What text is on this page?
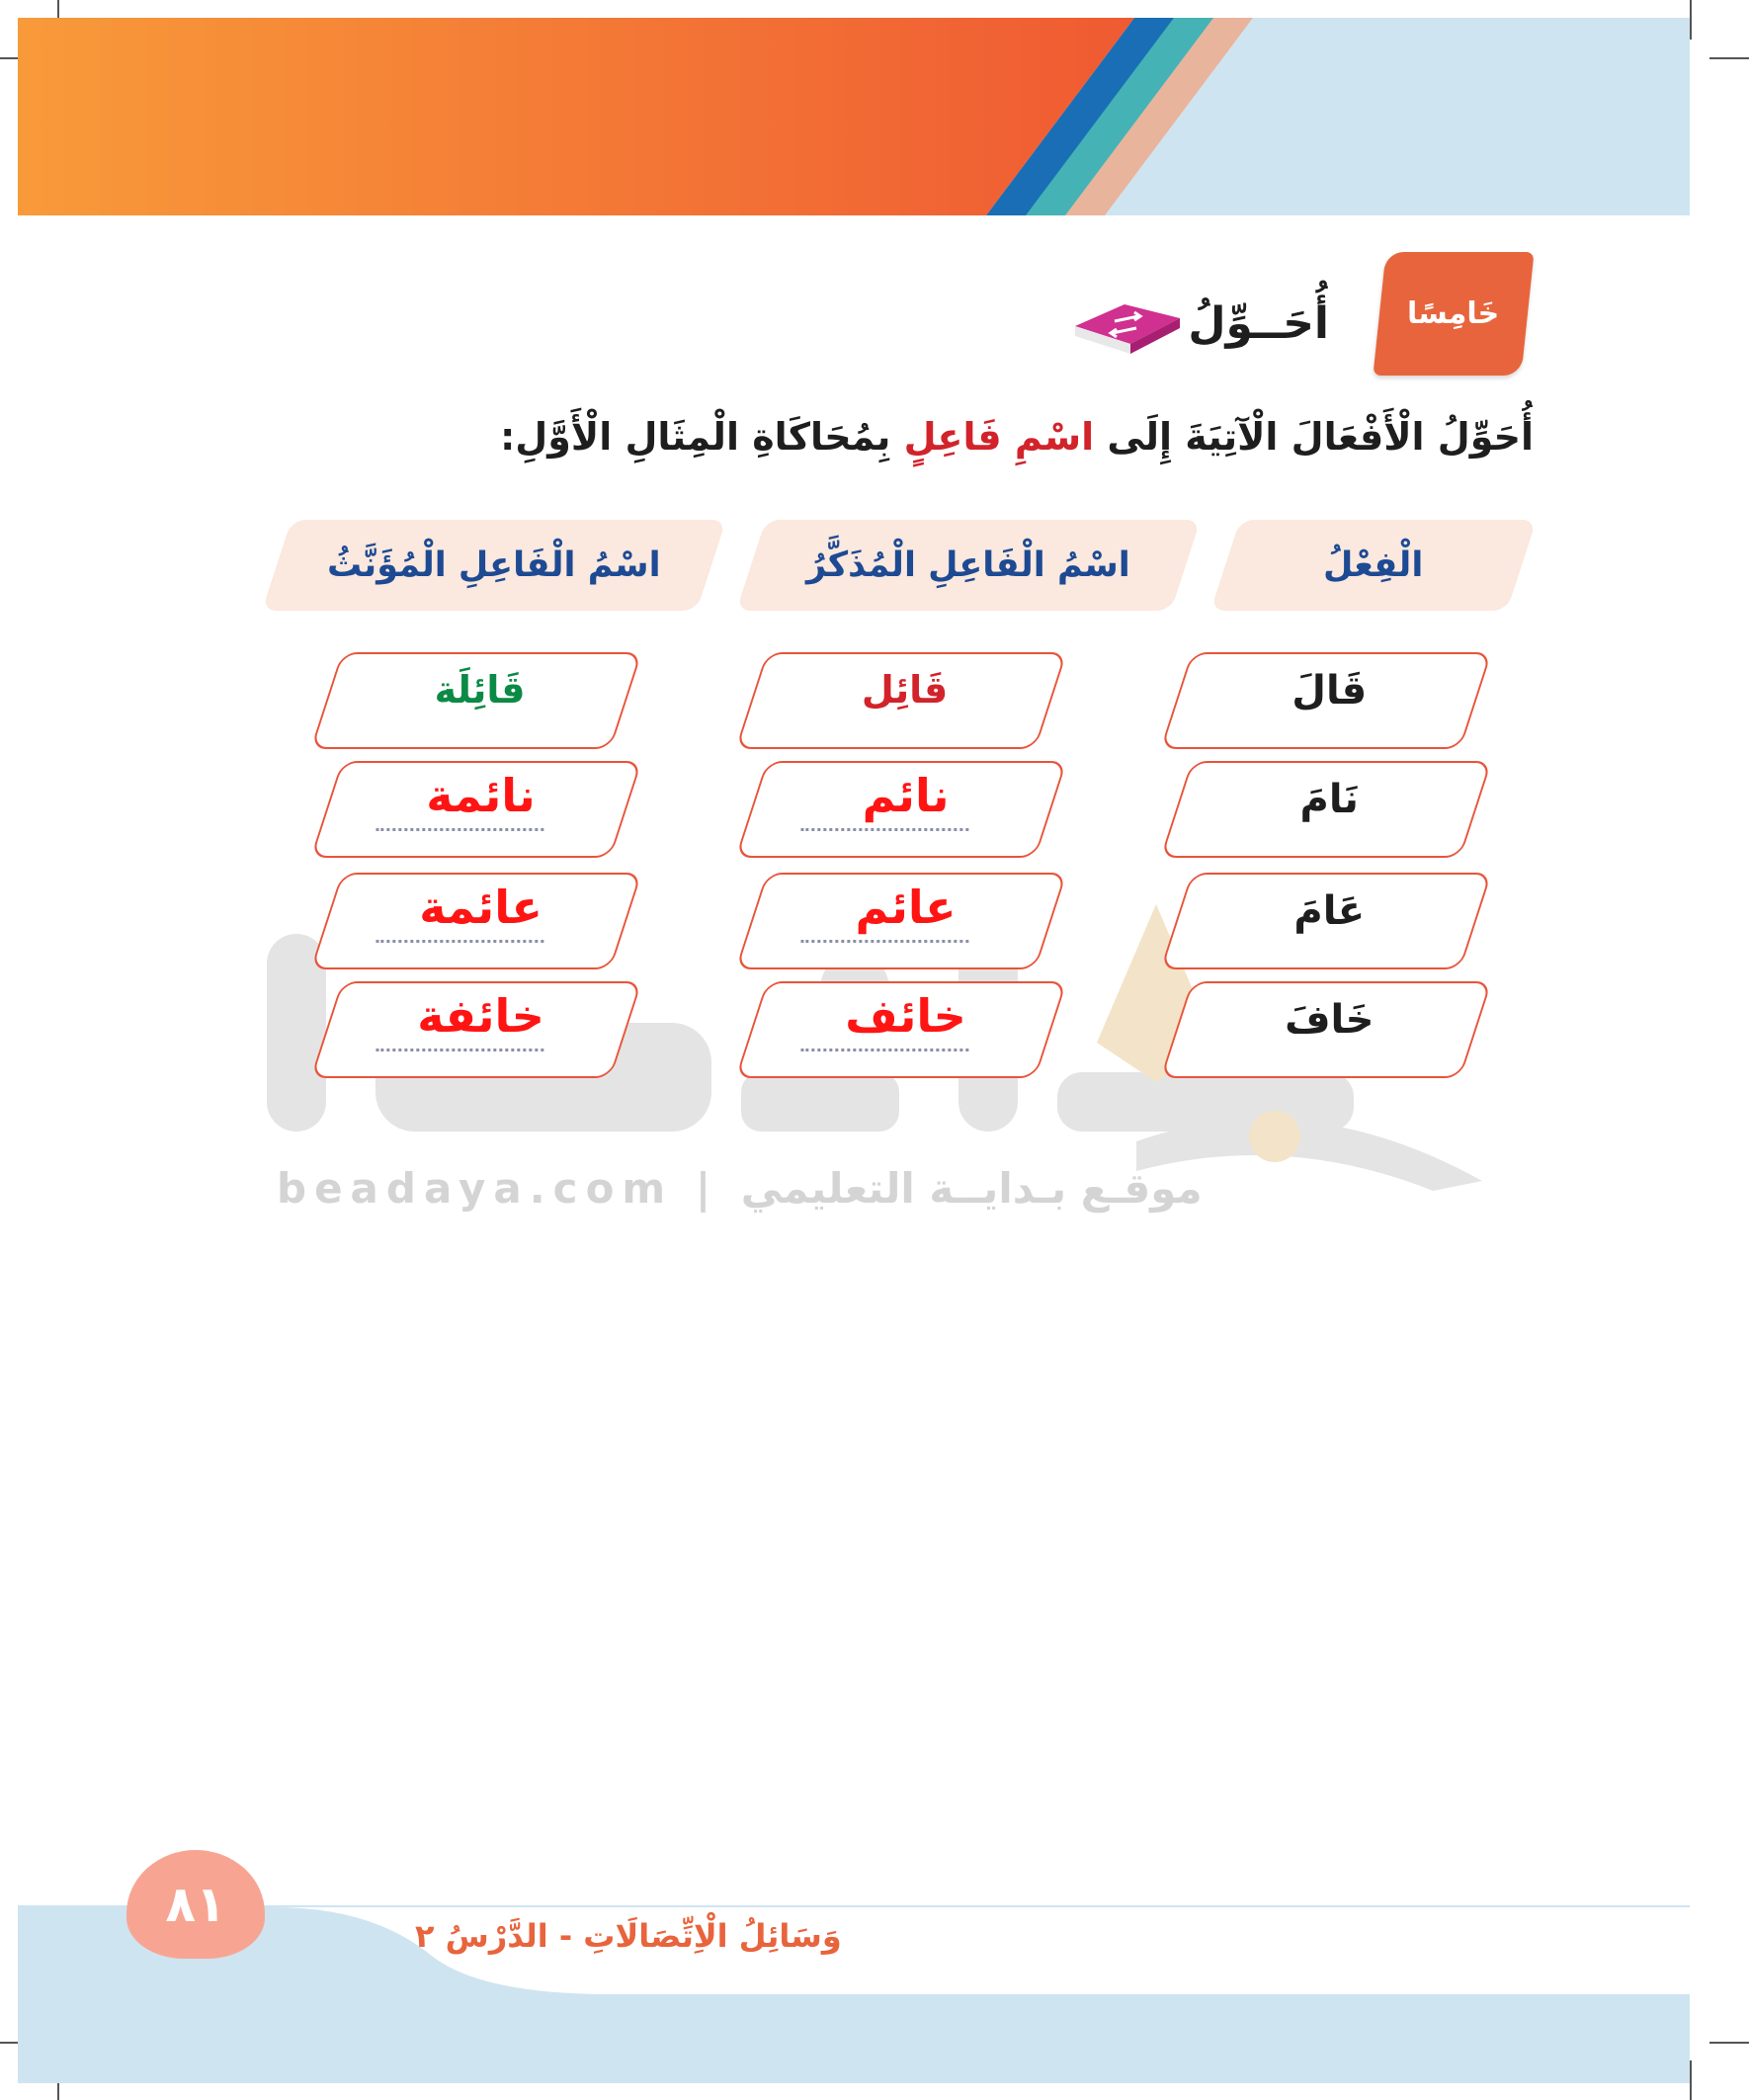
خَامِسًا
أُحَــوِّلُ
أُحَوِّلُ الْأَفْعَالَ الْآتِيَةَ إِلَى اسْمِ فَاعِلٍ بِمُحَاكَاةِ الْمِثَالِ الْأَوَّلِ:
الْفِعْلُ
اسْمُ الْفَاعِلِ الْمُذَكَّرُ
اسْمُ الْفَاعِلِ الْمُؤَنَّثُ
beadaya.com | موقـع بـدايــة التعليمي
قَالَ
قَائِل
قَائِلَة
نَامَ
نائم
نائمة
عَامَ
عائم
عائمة
خَافَ
خائف
خائفة
٨١
وَسَائِلُ الْاِتِّصَالَاتِ - الدَّرْسُ ٢
